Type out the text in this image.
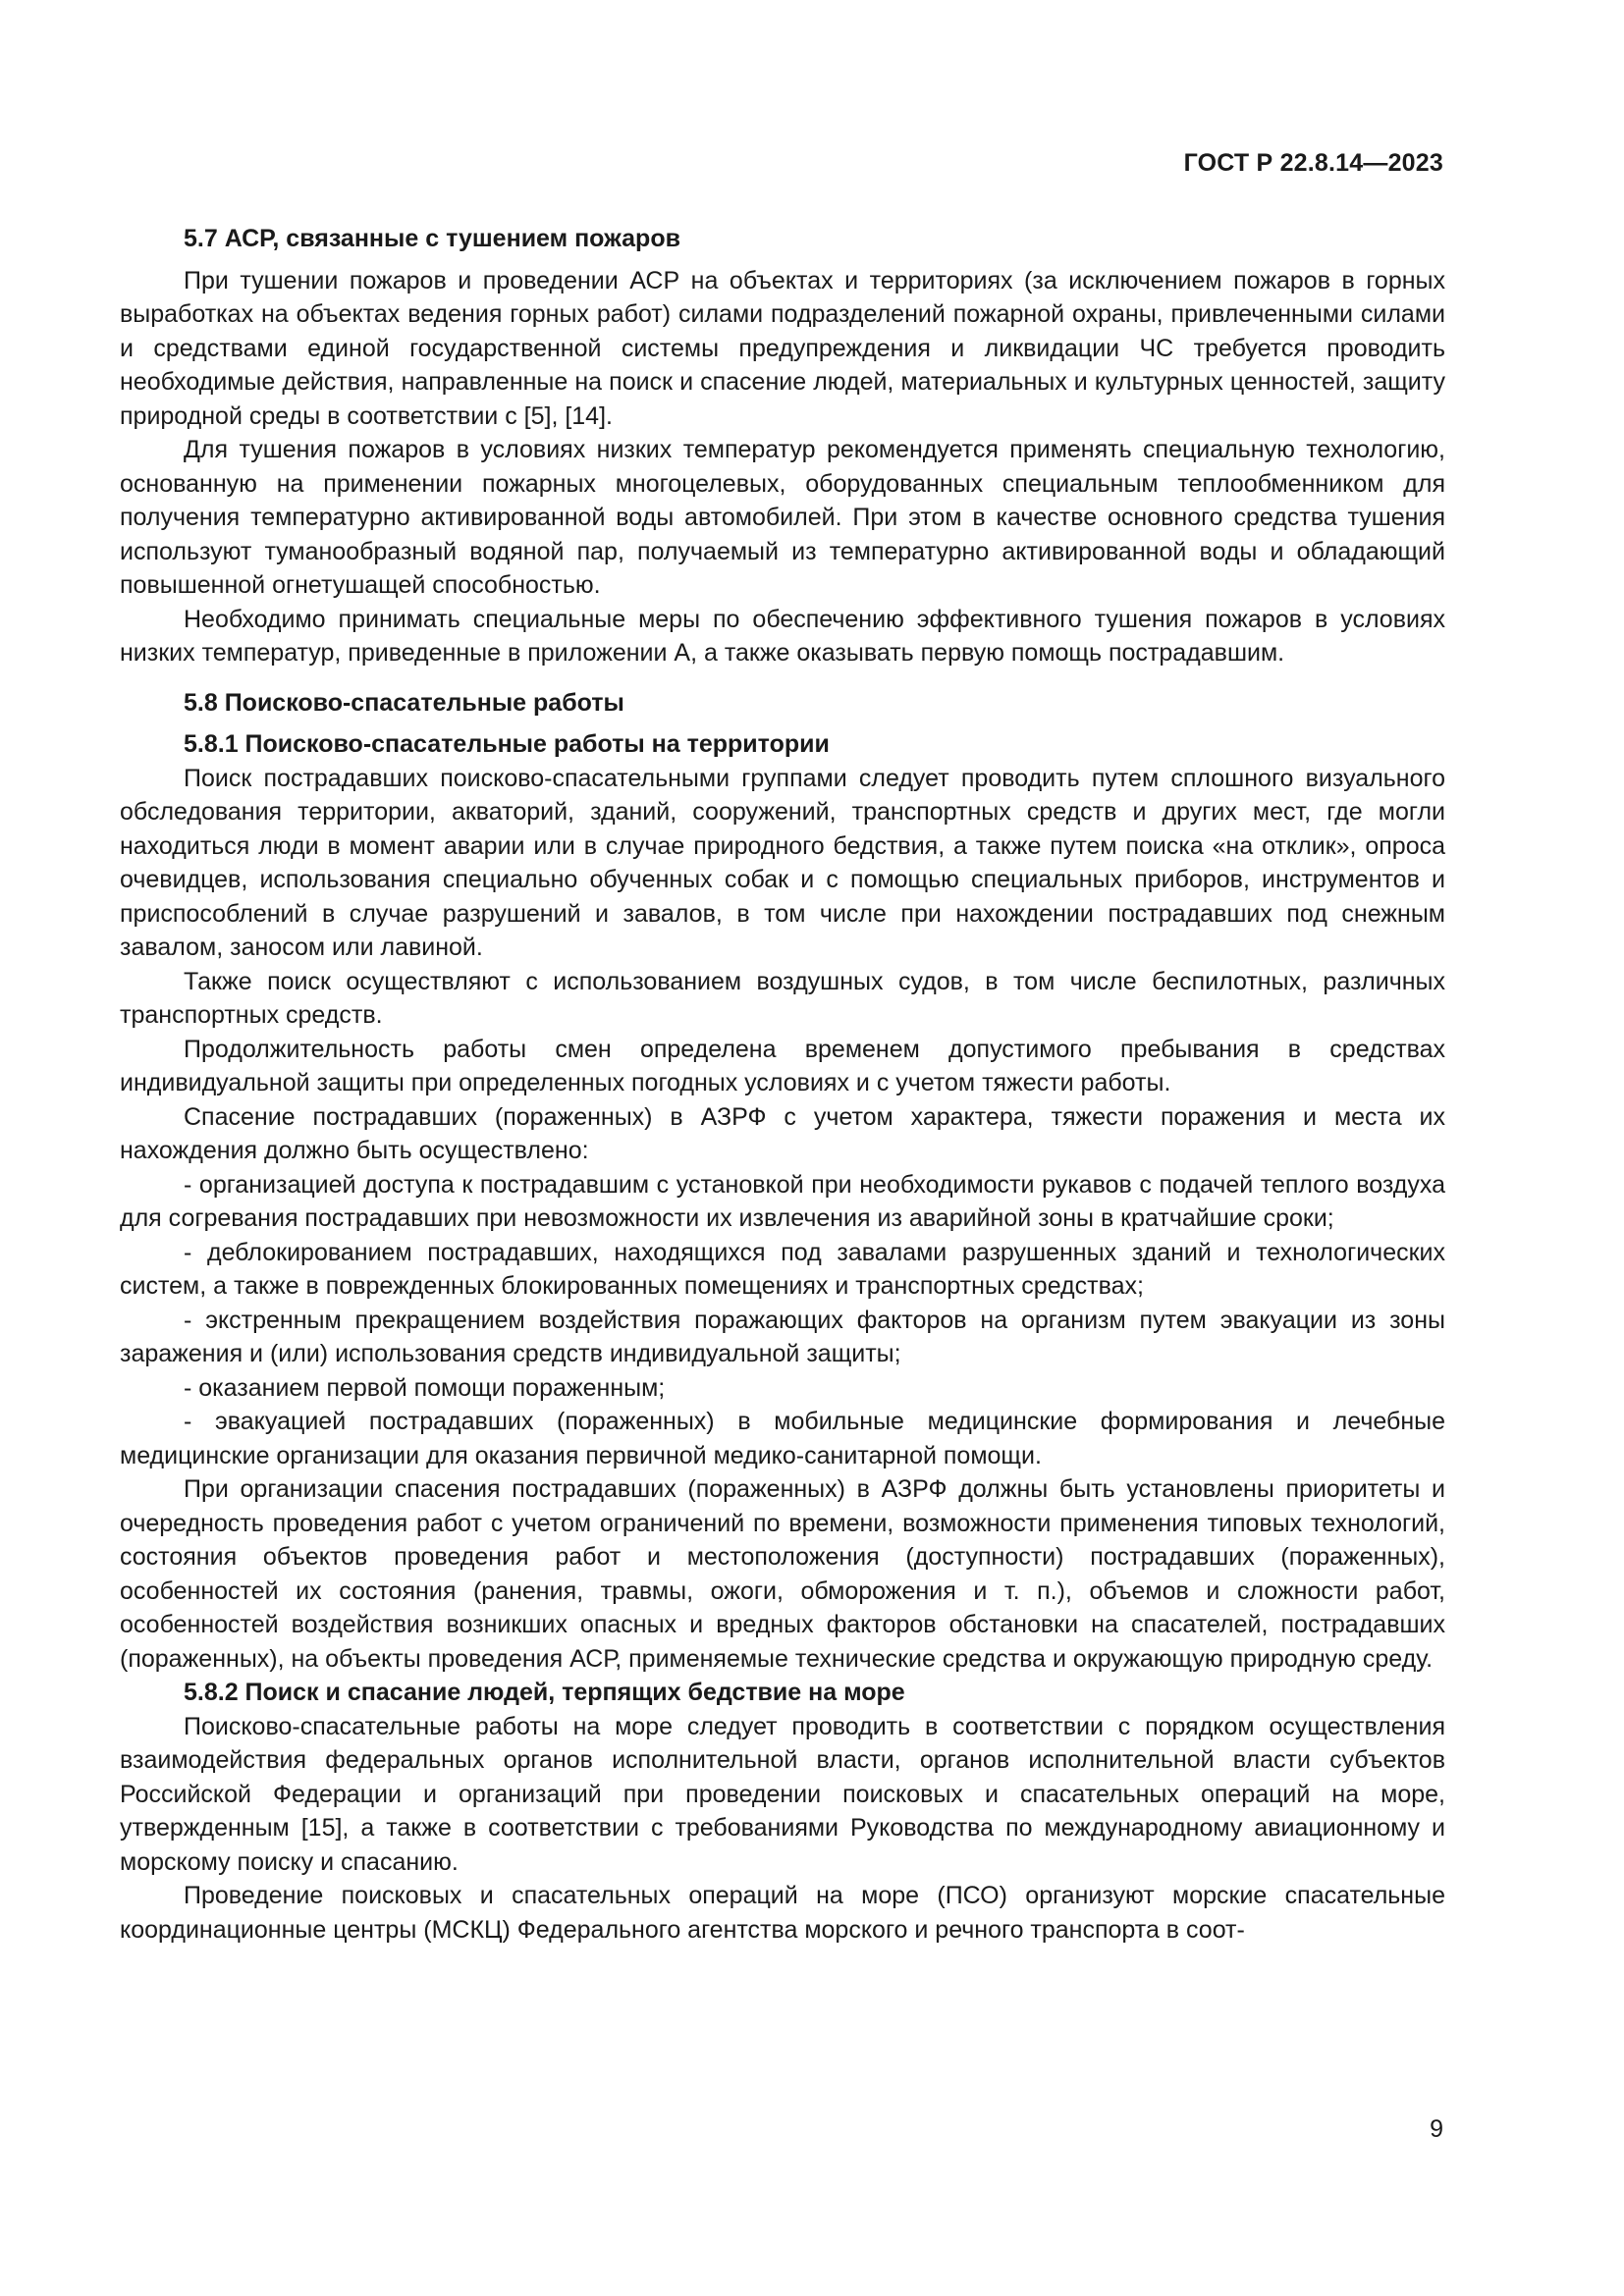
ГОСТ Р 22.8.14—2023
5.7 АСР, связанные с тушением пожаров

При тушении пожаров и проведении АСР на объектах и территориях (за исключением пожаров в горных выработках на объектах ведения горных работ) силами подразделений пожарной охраны, привлеченными силами и средствами единой государственной системы предупреждения и ликвидации ЧС требуется проводить необходимые действия, направленные на поиск и спасение людей, материальных и культурных ценностей, защиту природной среды в соответствии с [5], [14].

Для тушения пожаров в условиях низких температур рекомендуется применять специальную технологию, основанную на применении пожарных многоцелевых, оборудованных специальным теплообменником для получения температурно активированной воды автомобилей. При этом в качестве основного средства тушения используют туманообразный водяной пар, получаемый из температурно активированной воды и обладающий повышенной огнетушащей способностью.

Необходимо принимать специальные меры по обеспечению эффективного тушения пожаров в условиях низких температур, приведенные в приложении А, а также оказывать первую помощь пострадавшим.

5.8 Поисково-спасательные работы
5.8.1 Поисково-спасательные работы на территории

Поиск пострадавших поисково-спасательными группами следует проводить путем сплошного визуального обследования территории, акваторий, зданий, сооружений, транспортных средств и других мест, где могли находиться люди в момент аварии или в случае природного бедствия, а также путем поиска «на отклик», опроса очевидцев, использования специально обученных собак и с помощью специальных приборов, инструментов и приспособлений в случае разрушений и завалов, в том числе при нахождении пострадавших под снежным завалом, заносом или лавиной.

Также поиск осуществляют с использованием воздушных судов, в том числе беспилотных, различных транспортных средств.

Продолжительность работы смен определена временем допустимого пребывания в средствах индивидуальной защиты при определенных погодных условиях и с учетом тяжести работы.

Спасение пострадавших (пораженных) в АЗРФ с учетом характера, тяжести поражения и места их нахождения должно быть осуществлено:

- организацией доступа к пострадавшим с установкой при необходимости рукавов с подачей теплого воздуха для согревания пострадавших при невозможности их извлечения из аварийной зоны в кратчайшие сроки;

- деблокированием пострадавших, находящихся под завалами разрушенных зданий и технологических систем, а также в поврежденных блокированных помещениях и транспортных средствах;

- экстренным прекращением воздействия поражающих факторов на организм путем эвакуации из зоны заражения и (или) использования средств индивидуальной защиты;

- оказанием первой помощи пораженным;

- эвакуацией пострадавших (пораженных) в мобильные медицинские формирования и лечебные медицинские организации для оказания первичной медико-санитарной помощи.

При организации спасения пострадавших (пораженных) в АЗРФ должны быть установлены приоритеты и очередность проведения работ с учетом ограничений по времени, возможности применения типовых технологий, состояния объектов проведения работ и местоположения (доступности) пострадавших (пораженных), особенностей их состояния (ранения, травмы, ожоги, обморожения и т. п.), объемов и сложности работ, особенностей воздействия возникших опасных и вредных факторов обстановки на спасателей, пострадавших (пораженных), на объекты проведения АСР, применяемые технические средства и окружающую природную среду.

5.8.2 Поиск и спасание людей, терпящих бедствие на море

Поисково-спасательные работы на море следует проводить в соответствии с порядком осуществления взаимодействия федеральных органов исполнительной власти, органов исполнительной власти субъектов Российской Федерации и организаций при проведении поисковых и спасательных операций на море, утвержденным [15], а также в соответствии с требованиями Руководства по международному авиационному и морскому поиску и спасанию.

Проведение поисковых и спасательных операций на море (ПСО) организуют морские спасательные координационные центры (МСКЦ) Федерального агентства морского и речного транспорта в соот-

9
